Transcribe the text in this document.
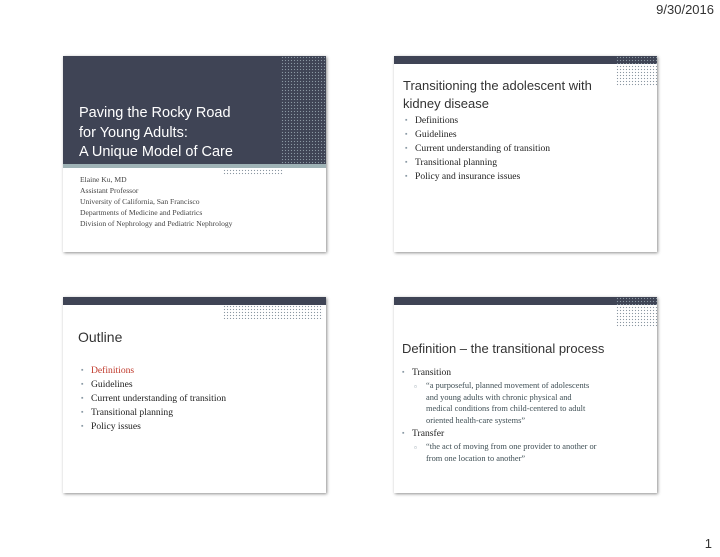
9/30/2016
Paving the Rocky Road
for Young Adults:
A Unique Model of Care
Elaine Ku, MD
Assistant Professor
University of California, San Francisco
Departments of Medicine and Pediatrics
Division of Nephrology and Pediatric Nephrology
Transitioning the adolescent with
kidney disease
▪ Definitions
▪ Guidelines
▪ Current understanding of transition
▪ Transitional planning
▪ Policy and insurance issues
Outline
▪ Definitions
▪ Guidelines
▪ Current understanding of transition
▪ Transitional planning
▪ Policy issues
Definition – the transitional process
▪ Transition
▫ “a purposeful, planned movement of adolescents
and young adults with chronic physical and
medical conditions from child-centered to adult
oriented health-care systems”
▪ Transfer
▫ “the act of moving from one provider to another or
from one location to another”
1
